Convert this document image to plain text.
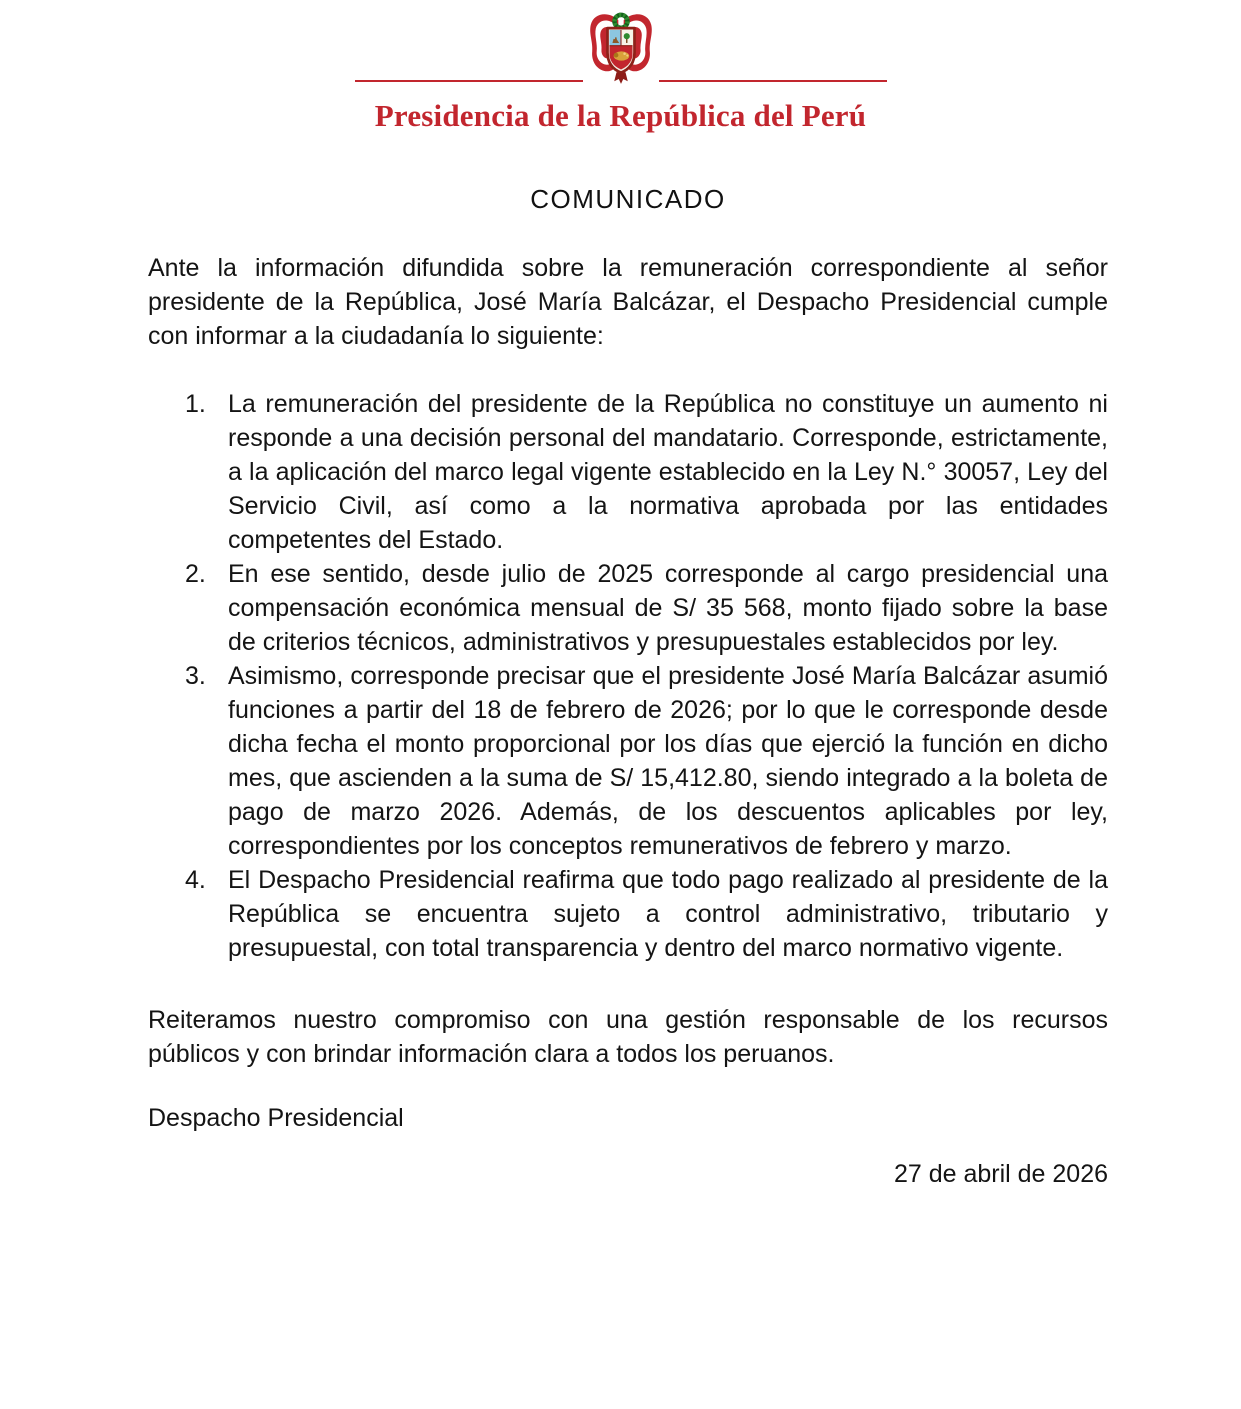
Presidencia de la República del Perú
COMUNICADO

Ante la información difundida sobre la remuneración correspondiente al señor presidente de la República, José María Balcázar, el Despacho Presidencial cumple con informar a la ciudadanía lo siguiente:

1. La remuneración del presidente de la República no constituye un aumento ni responde a una decisión personal del mandatario. Corresponde, estrictamente, a la aplicación del marco legal vigente establecido en la Ley N.° 30057, Ley del Servicio Civil, así como a la normativa aprobada por las entidades competentes del Estado.
2. En ese sentido, desde julio de 2025 corresponde al cargo presidencial una compensación económica mensual de S/ 35 568, monto fijado sobre la base de criterios técnicos, administrativos y presupuestales establecidos por ley.
3. Asimismo, corresponde precisar que el presidente José María Balcázar asumió funciones a partir del 18 de febrero de 2026; por lo que le corresponde desde dicha fecha el monto proporcional por los días que ejerció la función en dicho mes, que ascienden a la suma de S/ 15,412.80, siendo integrado a la boleta de pago de marzo 2026. Además, de los descuentos aplicables por ley, correspondientes por los conceptos remunerativos de febrero y marzo.
4. El Despacho Presidencial reafirma que todo pago realizado al presidente de la República se encuentra sujeto a control administrativo, tributario y presupuestal, con total transparencia y dentro del marco normativo vigente.

Reiteramos nuestro compromiso con una gestión responsable de los recursos públicos y con brindar información clara a todos los peruanos.

Despacho Presidencial

27 de abril de 2026
